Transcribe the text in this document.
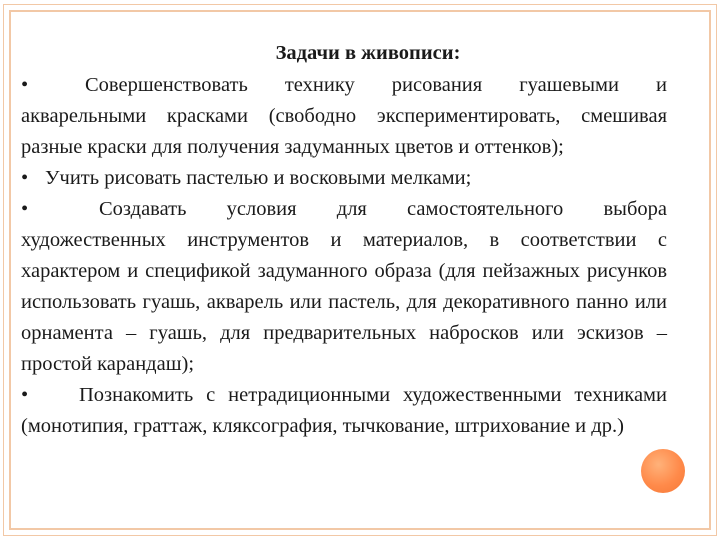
Задачи в живописи:

•	Совершенствовать технику рисования гуашевыми и акварельными красками (свободно экспериментировать, смешивая разные краски для получения задуманных цветов и оттенков);

• Учить рисовать пастелью и восковыми мелками;

•	Создавать условия для самостоятельного выбора художественных инструментов и материалов, в соответствии с характером и спецификой задуманного образа (для пейзажных рисунков использовать гуашь, акварель или пастель, для декоративного панно или орнамента – гуашь, для предварительных набросков или эскизов –простой карандаш);

• Познакомить с нетрадиционными художественными техниками (монотипия, граттаж, кляксография, тычкование, штрихование и др.)
